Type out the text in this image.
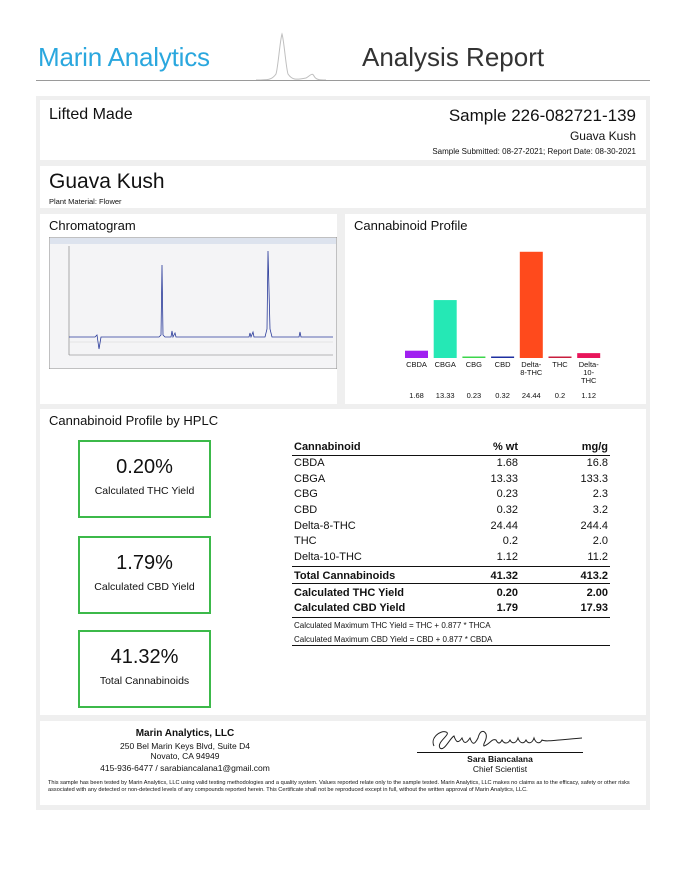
Marin Analytics	Analysis Report
Lifted Made	Sample 226-082721-139
Guava Kush
Sample Submitted: 08-27-2021; Report Date: 08-30-2021
Guava Kush
Plant Material: Flower
Chromatogram	Cannabinoid Profile
CBDA
1.68
CBGA
13.33
CBG
0.23
CBD
0.32
Delta-
8-THC
24.44
THC
0.2
Delta-
10-
THC
1.12
Cannabinoid Profile by HPLC
0.20%
Calculated THC Yield
1.79%
Calculated CBD Yield
41.32%
Total Cannabinoids
Cannabinoid	% wt	mg/g
CBDA	1.68	16.8
CBGA	13.33	133.3
CBG	0.23	2.3
CBD	0.32	3.2
Delta-8-THC	24.44	244.4
THC	0.2	2.0
Delta-10-THC	1.12	11.2
Total Cannabinoids	41.32	413.2
Calculated THC Yield	0.20	2.00
Calculated CBD Yield	1.79	17.93
Calculated Maximum THC Yield = THC + 0.877 * THCA
Calculated Maximum CBD Yield = CBD + 0.877 * CBDA
Marin Analytics, LLC
250 Bel Marin Keys Blvd, Suite D4
Novato, CA 94949
415-936-6477 / sarabiancalana1@gmail.com
Sara Biancalana
Chief Scientist
This sample has been tested by Marin Analytics, LLC using valid testing methodologies and a quality system. Values reported relate only to the sample tested. Marin Analytics, LLC makes no claims as to the efficacy, safety or other risks associated with any detected or non-detected levels of any compounds reported herein. This Certificate shall not be reproduced except in full, without the written approval of Marin Analytics, LLC.
